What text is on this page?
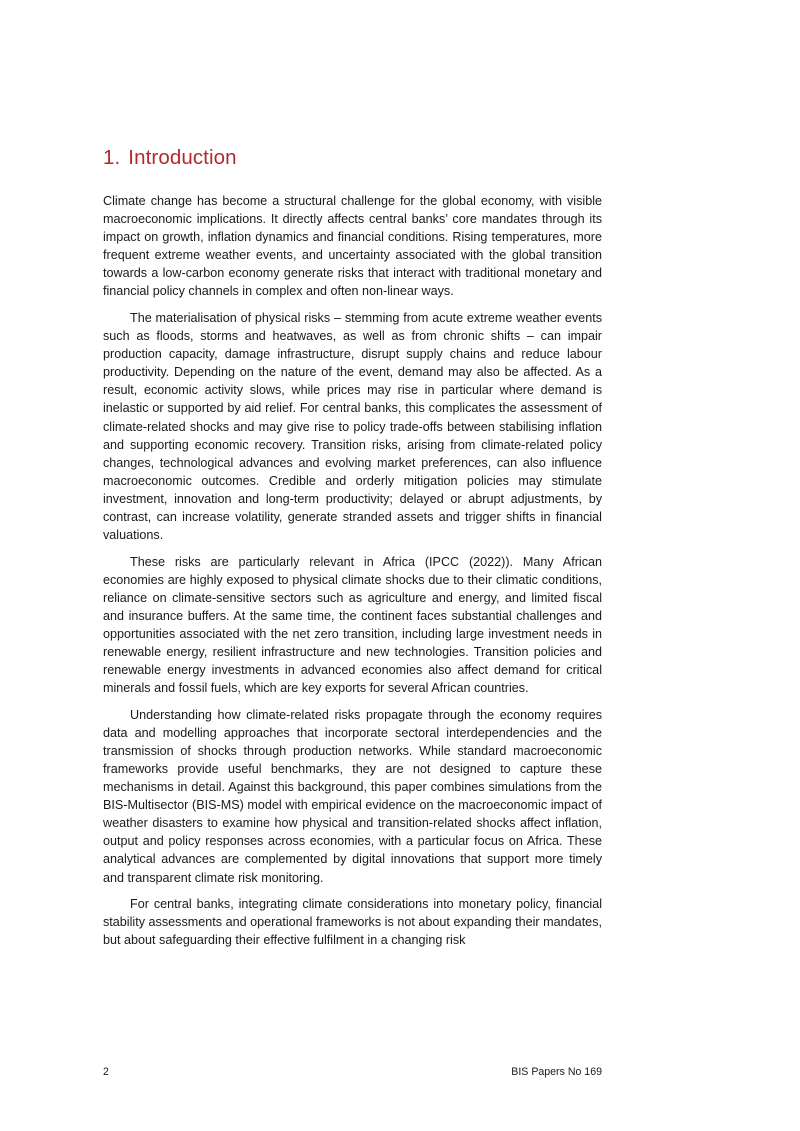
1. Introduction

Climate change has become a structural challenge for the global economy, with visible macroeconomic implications. It directly affects central banks’ core mandates through its impact on growth, inflation dynamics and financial conditions. Rising temperatures, more frequent extreme weather events, and uncertainty associated with the global transition towards a low-carbon economy generate risks that interact with traditional monetary and financial policy channels in complex and often non-linear ways.

The materialisation of physical risks – stemming from acute extreme weather events such as floods, storms and heatwaves, as well as from chronic shifts – can impair production capacity, damage infrastructure, disrupt supply chains and reduce labour productivity. Depending on the nature of the event, demand may also be affected. As a result, economic activity slows, while prices may rise in particular where demand is inelastic or supported by aid relief. For central banks, this complicates the assessment of climate-related shocks and may give rise to policy trade-offs between stabilising inflation and supporting economic recovery. Transition risks, arising from climate-related policy changes, technological advances and evolving market preferences, can also influence macroeconomic outcomes. Credible and orderly mitigation policies may stimulate investment, innovation and long-term productivity; delayed or abrupt adjustments, by contrast, can increase volatility, generate stranded assets and trigger shifts in financial valuations.

These risks are particularly relevant in Africa (IPCC (2022)). Many African economies are highly exposed to physical climate shocks due to their climatic conditions, reliance on climate-sensitive sectors such as agriculture and energy, and limited fiscal and insurance buffers. At the same time, the continent faces substantial challenges and opportunities associated with the net zero transition, including large investment needs in renewable energy, resilient infrastructure and new technologies. Transition policies and renewable energy investments in advanced economies also affect demand for critical minerals and fossil fuels, which are key exports for several African countries.

Understanding how climate-related risks propagate through the economy requires data and modelling approaches that incorporate sectoral interdependencies and the transmission of shocks through production networks. While standard macroeconomic frameworks provide useful benchmarks, they are not designed to capture these mechanisms in detail. Against this background, this paper combines simulations from the BIS-Multisector (BIS-MS) model with empirical evidence on the macroeconomic impact of weather disasters to examine how physical and transition-related shocks affect inflation, output and policy responses across economies, with a particular focus on Africa. These analytical advances are complemented by digital innovations that support more timely and transparent climate risk monitoring.

For central banks, integrating climate considerations into monetary policy, financial stability assessments and operational frameworks is not about expanding their mandates, but about safeguarding their effective fulfilment in a changing risk

2	BIS Papers No 169
